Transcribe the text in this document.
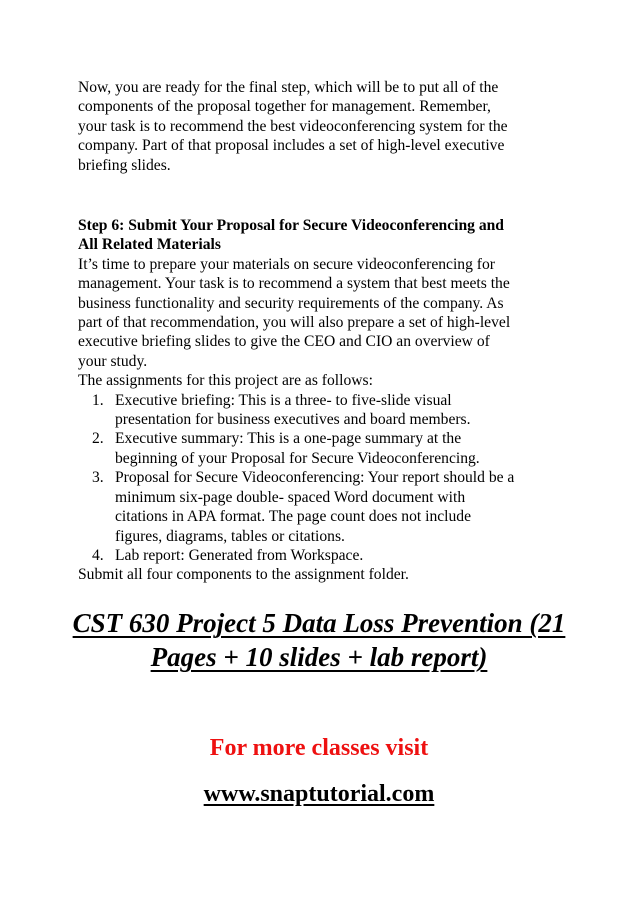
Now, you are ready for the final step, which will be to put all of the
components of the proposal together for management. Remember,
your task is to recommend the best videoconferencing system for the
company. Part of that proposal includes a set of high-level executive
briefing slides.
Step 6: Submit Your Proposal for Secure Videoconferencing and
All Related Materials
It’s time to prepare your materials on secure videoconferencing for
management. Your task is to recommend a system that best meets the
business functionality and security requirements of the company. As
part of that recommendation, you will also prepare a set of high-level
executive briefing slides to give the CEO and CIO an overview of
your study.
The assignments for this project are as follows:
1. Executive briefing: This is a three- to five-slide visual
presentation for business executives and board members.
2. Executive summary: This is a one-page summary at the
beginning of your Proposal for Secure Videoconferencing.
3. Proposal for Secure Videoconferencing: Your report should be a
minimum six-page double- spaced Word document with
citations in APA format. The page count does not include
figures, diagrams, tables or citations.
4. Lab report: Generated from Workspace.
Submit all four components to the assignment folder.
CST 630 Project 5 Data Loss Prevention (21
Pages + 10 slides + lab report)
For more classes visit
www.snaptutorial.com
